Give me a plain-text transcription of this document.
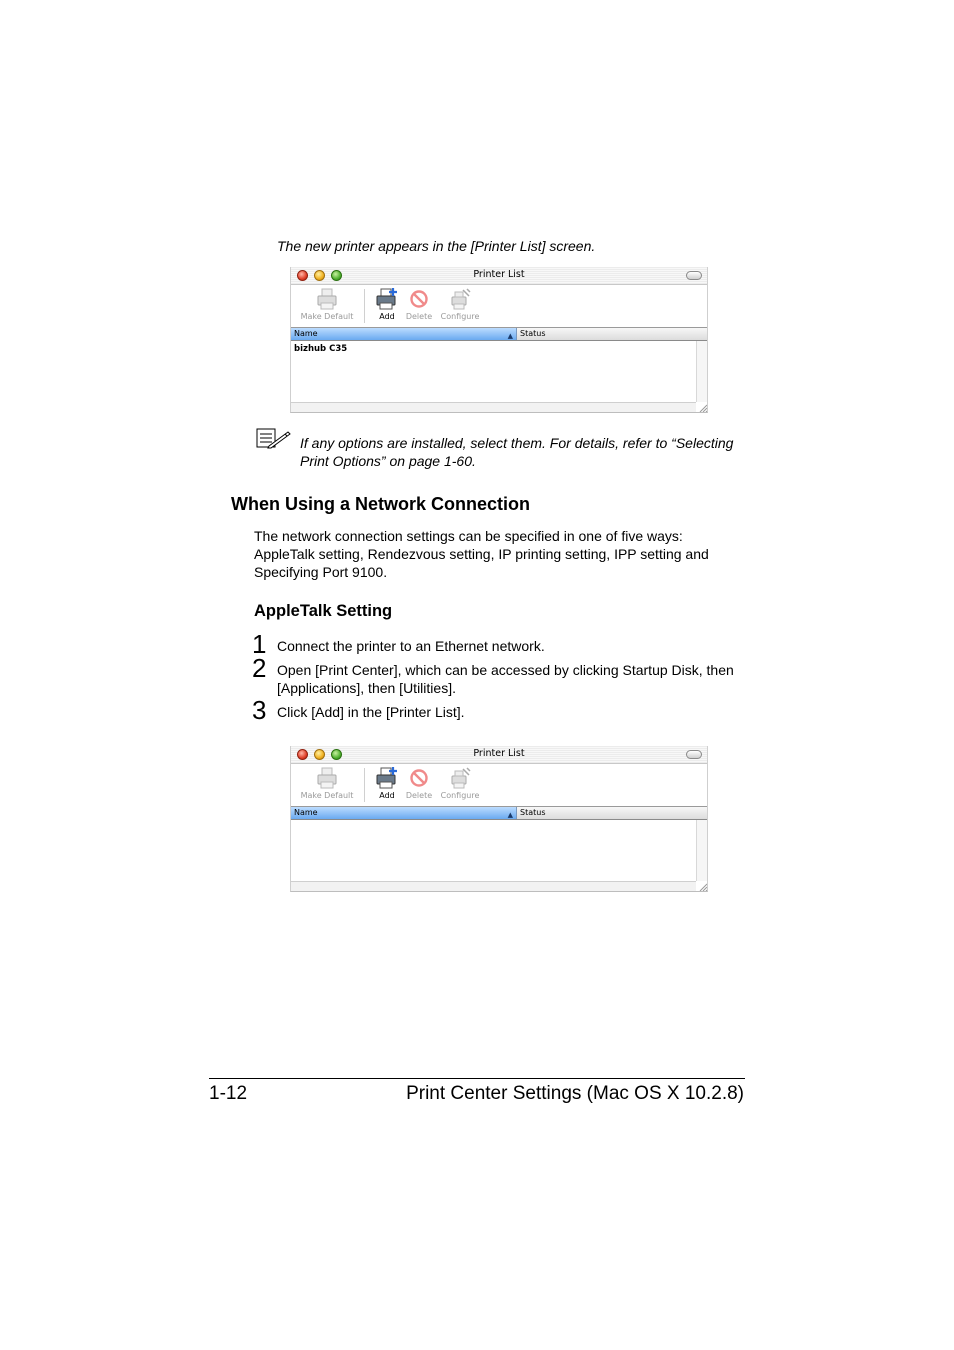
The new printer appears in the [Printer List] screen.
Printer List
Make Default	Add	Delete	Configure
Name	▲ Status
bizhub C35
If any options are installed, select them. For details, refer to “Selecting
Print Options” on page 1-60.
When Using a Network Connection
The network connection settings can be specified in one of five ways:
AppleTalk setting, Rendezvous setting, IP printing setting, IPP setting and
Specifying Port 9100.
AppleTalk Setting
1 Connect the printer to an Ethernet network.
2 Open [Print Center], which can be accessed by clicking Startup Disk, then
[Applications], then [Utilities].
3 Click [Add] in the [Printer List].
Printer List
Make Default	Add	Delete	Configure
Name	▲ Status
1-12	Print Center Settings (Mac OS X 10.2.8)
